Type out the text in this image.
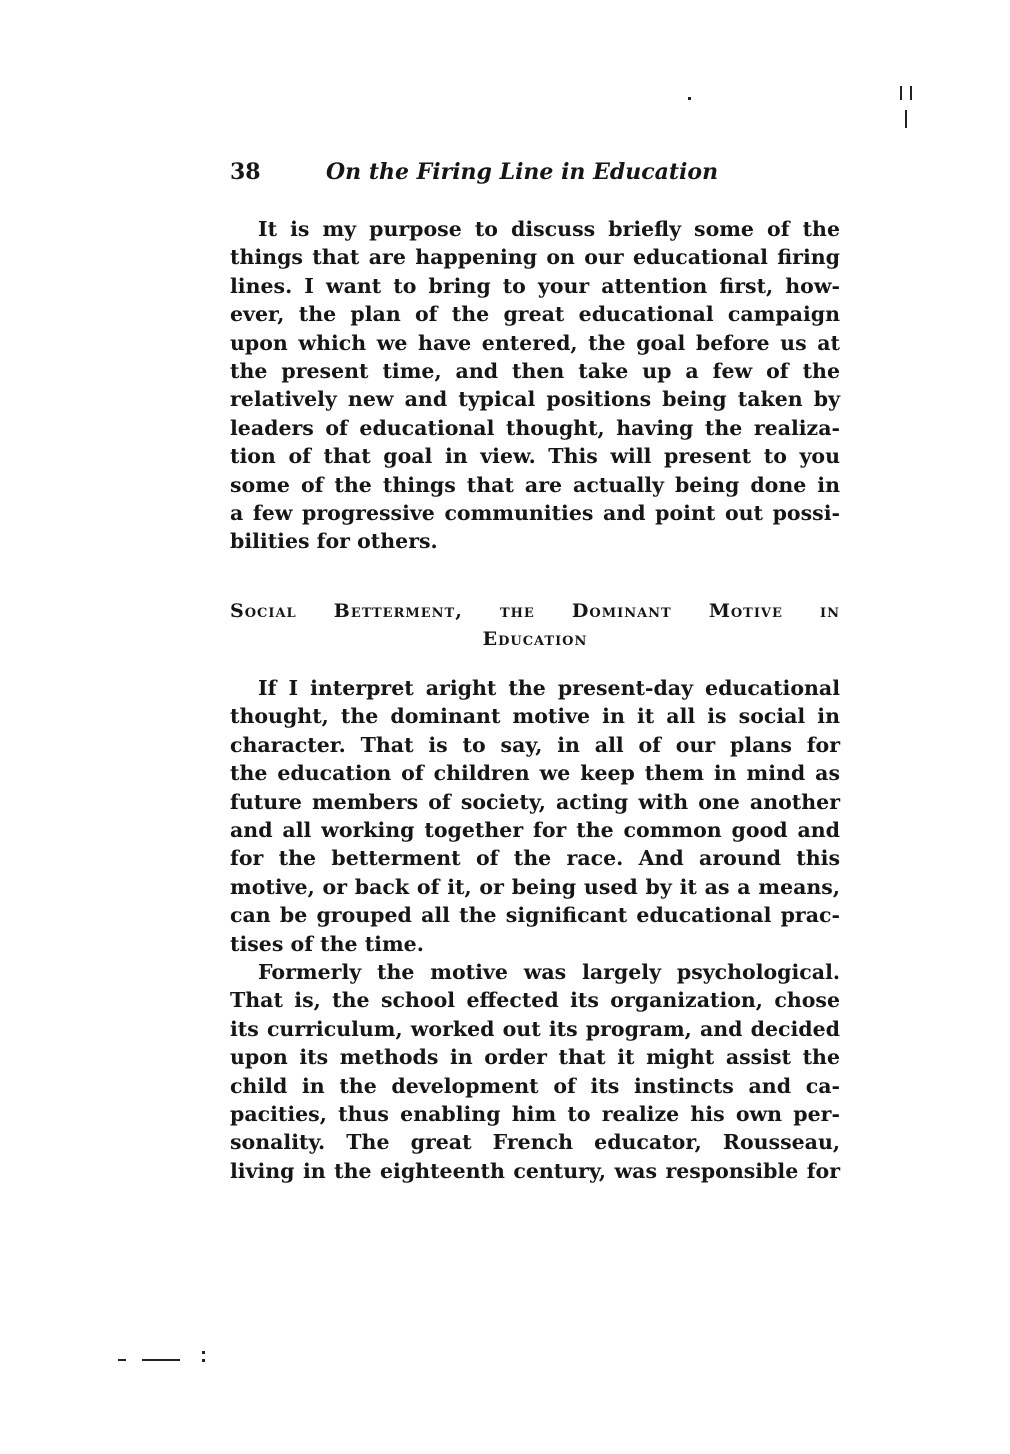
38	On the Firing Line in Education
It is my purpose to discuss briefly some of the
things that are happening on our educational firing
lines. I want to bring to your attention first, how-
ever, the plan of the great educational campaign
upon which we have entered, the goal before us at
the present time, and then take up a few of the
relatively new and typical positions being taken by
leaders of educational thought, having the realiza-
tion of that goal in view. This will present to you
some of the things that are actually being done in
a few progressive communities and point out possi-
bilities for others.
Social Betterment, the Dominant Motive in
Education
If I interpret aright the present-day educational
thought, the dominant motive in it all is social in
character. That is to say, in all of our plans for
the education of children we keep them in mind as
future members of society, acting with one another
and all working together for the common good and
for the betterment of the race. And around this
motive, or back of it, or being used by it as a means,
can be grouped all the significant educational prac-
tises of the time.
Formerly the motive was largely psychological.
That is, the school effected its organization, chose
its curriculum, worked out its program, and decided
upon its methods in order that it might assist the
child in the development of its instincts and ca-
pacities, thus enabling him to realize his own per-
sonality. The great French educator, Rousseau,
living in the eighteenth century, was responsible for
